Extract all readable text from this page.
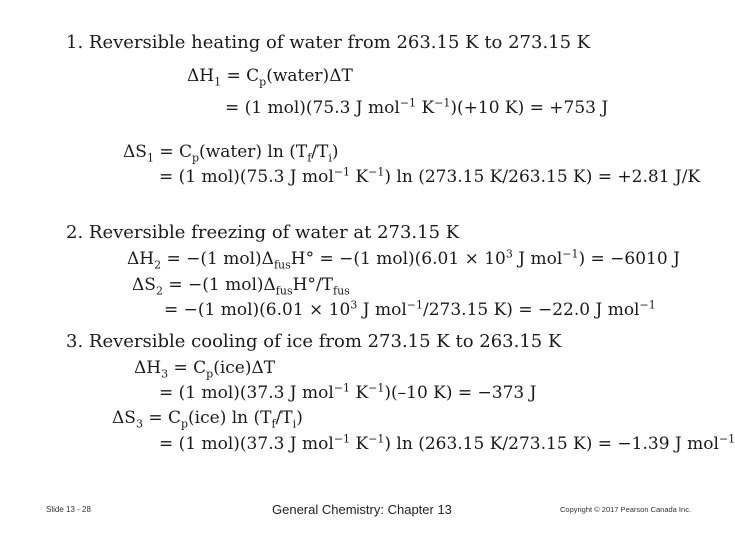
1. Reversible heating of water from 263.15 K to 273.15 K
$\Delta H_1$ = $C_p(water)\Delta T$
= (1 mol)(75.3 J mol$^{-1}$ $K^{-1})(+10$ K) = +753 J
$\Delta S_1$ = $C_p(water)$ $\ln (T_f/T_i)$
= (1 mol)(75.3 J mol$^{-1}$ $K^{-1}$) ln (273.15 K/263.15 K) = +2.81 J/K
2. Reversible freezing of water at 273.15 K
$\Delta H_2 = -(1$ $mol)\Delta_{fus}H^\circ = -(1$ $mol)(6.01 \times 10^3$ J mol$^{-1}$) = −6010 J
$\Delta S_2 = -(1$ $mol)\Delta_{fus}H^\circ/T_{fus}$
= −(1 $mol)(6.01 \times 10^3$ J mol$^{-1}$/273.15 K) = −22.0 J mol$^{-1}$
3. Reversible cooling of ice from 273.15 K to 263.15 K
$\Delta H_3 = C_p(ice)\Delta T$
= (1 mol)(37.3 J mol$^{-1}$ $K^{-1})(-10$ K) = −373 J
$\Delta S_3 = C_p(ice)$ $\ln (T_f/T_i)$
= (1 mol)(37.3 J mol$^{-1}$ $K^{-1}$) ln (263.15 K/273.15 K) = −1.39 J mol$^{-1}$
Slide 13 - 28	General Chemistry: Chapter 13	Copyright © 2017 Pearson Canada Inc.
